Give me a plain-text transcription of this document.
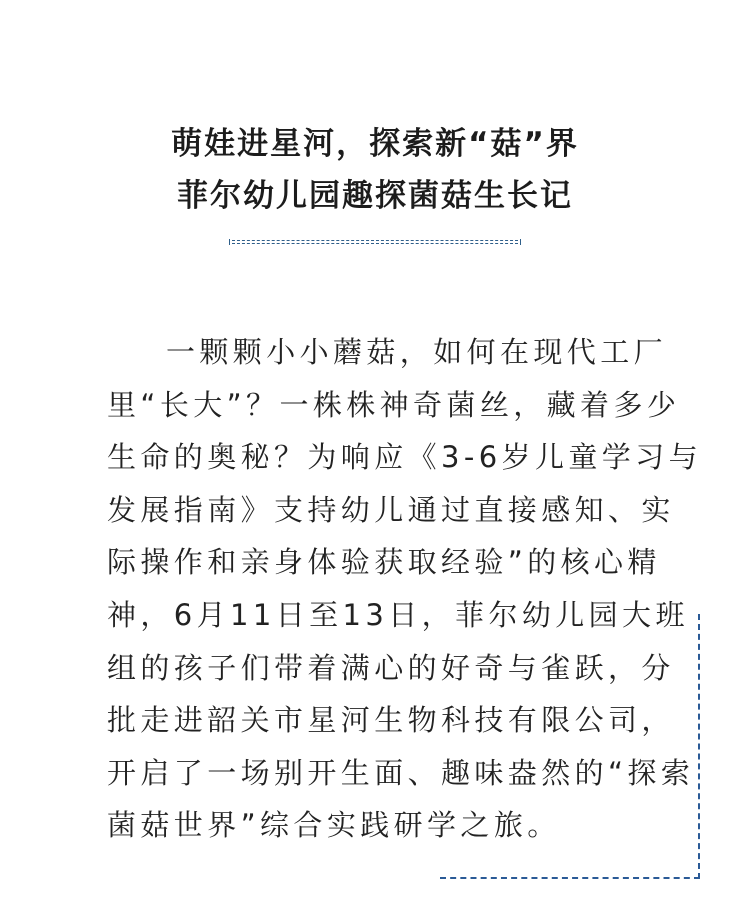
萌娃进星河，探索新“菇”界
菲尔幼儿园趣探菌菇生长记
一颗颗小小蘑菇，如何在现代工厂
里“长大”？一株株神奇菌丝，藏着多少
生命的奥秘？为响应《3-6岁儿童学习与
发展指南》支持幼儿通过直接感知、实
际操作和亲身体验获取经验”的核心精
神，6月11日至13日，菲尔幼儿园大班
组的孩子们带着满心的好奇与雀跃，分
批走进韶关市星河生物科技有限公司，
开启了一场别开生面、趣味盎然的“探索
菌菇世界”综合实践研学之旅。
